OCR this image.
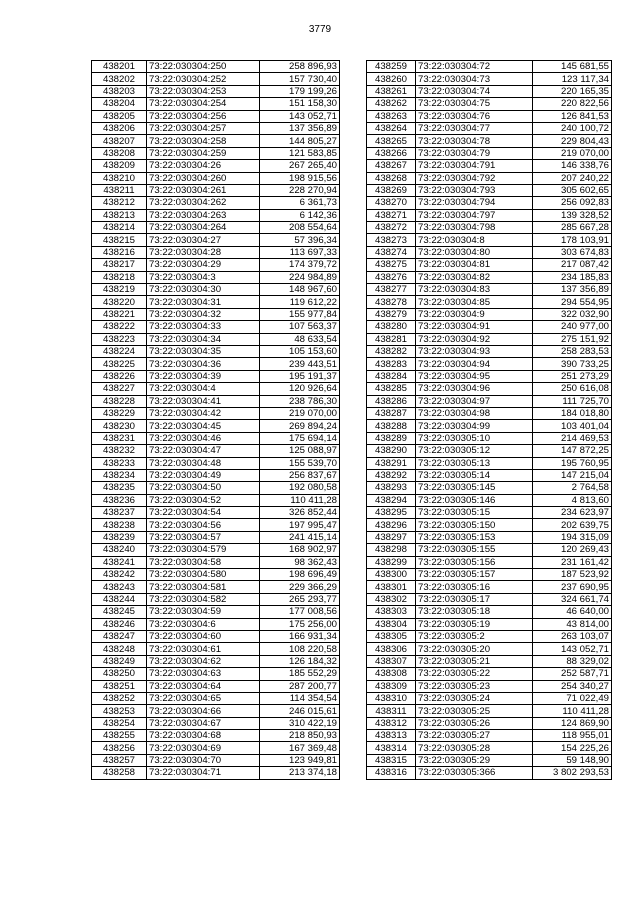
3779
438201	73:22:030304:250	258 896,93
438202	73:22:030304:252	157 730,40
438203	73:22:030304:253	179 199,26
438204	73:22:030304:254	151 158,30
438205	73:22:030304:256	143 052,71
438206	73:22:030304:257	137 356,89
438207	73:22:030304:258	144 805,27
438208	73:22:030304:259	121 583,85
438209	73:22:030304:26	267 265,40
438210	73:22:030304:260	198 915,56
438211	73:22:030304:261	228 270,94
438212	73:22:030304:262	6 361,73
438213	73:22:030304:263	6 142,36
438214	73:22:030304:264	208 554,64
438215	73:22:030304:27	57 396,34
438216	73:22:030304:28	113 697,33
438217	73:22:030304:29	174 379,72
438218	73:22:030304:3	224 984,89
438219	73:22:030304:30	148 967,60
438220	73:22:030304:31	119 612,22
438221	73:22:030304:32	155 977,84
438222	73:22:030304:33	107 563,37
438223	73:22:030304:34	48 633,54
438224	73:22:030304:35	105 153,60
438225	73:22:030304:36	239 443,51
438226	73:22:030304:39	195 191,37
438227	73:22:030304:4	120 926,64
438228	73:22:030304:41	238 786,30
438229	73:22:030304:42	219 070,00
438230	73:22:030304:45	269 894,24
438231	73:22:030304:46	175 694,14
438232	73:22:030304:47	125 088,97
438233	73:22:030304:48	155 539,70
438234	73:22:030304:49	256 837,67
438235	73:22:030304:50	192 080,58
438236	73:22:030304:52	110 411,28
438237	73:22:030304:54	326 852,44
438238	73:22:030304:56	197 995,47
438239	73:22:030304:57	241 415,14
438240	73:22:030304:579	168 902,97
438241	73:22:030304:58	98 362,43
438242	73:22:030304:580	198 696,49
438243	73:22:030304:581	229 366,29
438244	73:22:030304:582	265 293,77
438245	73:22:030304:59	177 008,56
438246	73:22:030304:6	175 256,00
438247	73:22:030304:60	166 931,34
438248	73:22:030304:61	108 220,58
438249	73:22:030304:62	126 184,32
438250	73:22:030304:63	185 552,29
438251	73:22:030304:64	287 200,77
438252	73:22:030304:65	114 354,54
438253	73:22:030304:66	246 015,61
438254	73:22:030304:67	310 422,19
438255	73:22:030304:68	218 850,93
438256	73:22:030304:69	167 369,48
438257	73:22:030304:70	123 949,81
438258	73:22:030304:71	213 374,18
438259	73:22:030304:72	145 681,55
438260	73:22:030304:73	123 117,34
438261	73:22:030304:74	220 165,35
438262	73:22:030304:75	220 822,56
438263	73:22:030304:76	126 841,53
438264	73:22:030304:77	240 100,72
438265	73:22:030304:78	229 804,43
438266	73:22:030304:79	219 070,00
438267	73:22:030304:791	146 338,76
438268	73:22:030304:792	207 240,22
438269	73:22:030304:793	305 602,65
438270	73:22:030304:794	256 092,83
438271	73:22:030304:797	139 328,52
438272	73:22:030304:798	285 667,28
438273	73:22:030304:8	178 103,91
438274	73:22:030304:80	303 674,83
438275	73:22:030304:81	217 087,42
438276	73:22:030304:82	234 185,83
438277	73:22:030304:83	137 356,89
438278	73:22:030304:85	294 554,95
438279	73:22:030304:9	322 032,90
438280	73:22:030304:91	240 977,00
438281	73:22:030304:92	275 151,92
438282	73:22:030304:93	258 283,53
438283	73:22:030304:94	390 733,25
438284	73:22:030304:95	251 273,29
438285	73:22:030304:96	250 616,08
438286	73:22:030304:97	111 725,70
438287	73:22:030304:98	184 018,80
438288	73:22:030304:99	103 401,04
438289	73:22:030305:10	214 469,53
438290	73:22:030305:12	147 872,25
438291	73:22:030305:13	195 760,95
438292	73:22:030305:14	147 215,04
438293	73:22:030305:145	2 764,58
438294	73:22:030305:146	4 813,60
438295	73:22:030305:15	234 623,97
438296	73:22:030305:150	202 639,75
438297	73:22:030305:153	194 315,09
438298	73:22:030305:155	120 269,43
438299	73:22:030305:156	231 161,42
438300	73:22:030305:157	187 523,92
438301	73:22:030305:16	237 690,95
438302	73:22:030305:17	324 661,74
438303	73:22:030305:18	46 640,00
438304	73:22:030305:19	43 814,00
438305	73:22:030305:2	263 103,07
438306	73:22:030305:20	143 052,71
438307	73:22:030305:21	88 329,02
438308	73:22:030305:22	252 587,71
438309	73:22:030305:23	254 340,27
438310	73:22:030305:24	71 022,49
438311	73:22:030305:25	110 411,28
438312	73:22:030305:26	124 869,90
438313	73:22:030305:27	118 955,01
438314	73:22:030305:28	154 225,26
438315	73:22:030305:29	59 148,90
438316	73:22:030305:366	3 802 293,53
